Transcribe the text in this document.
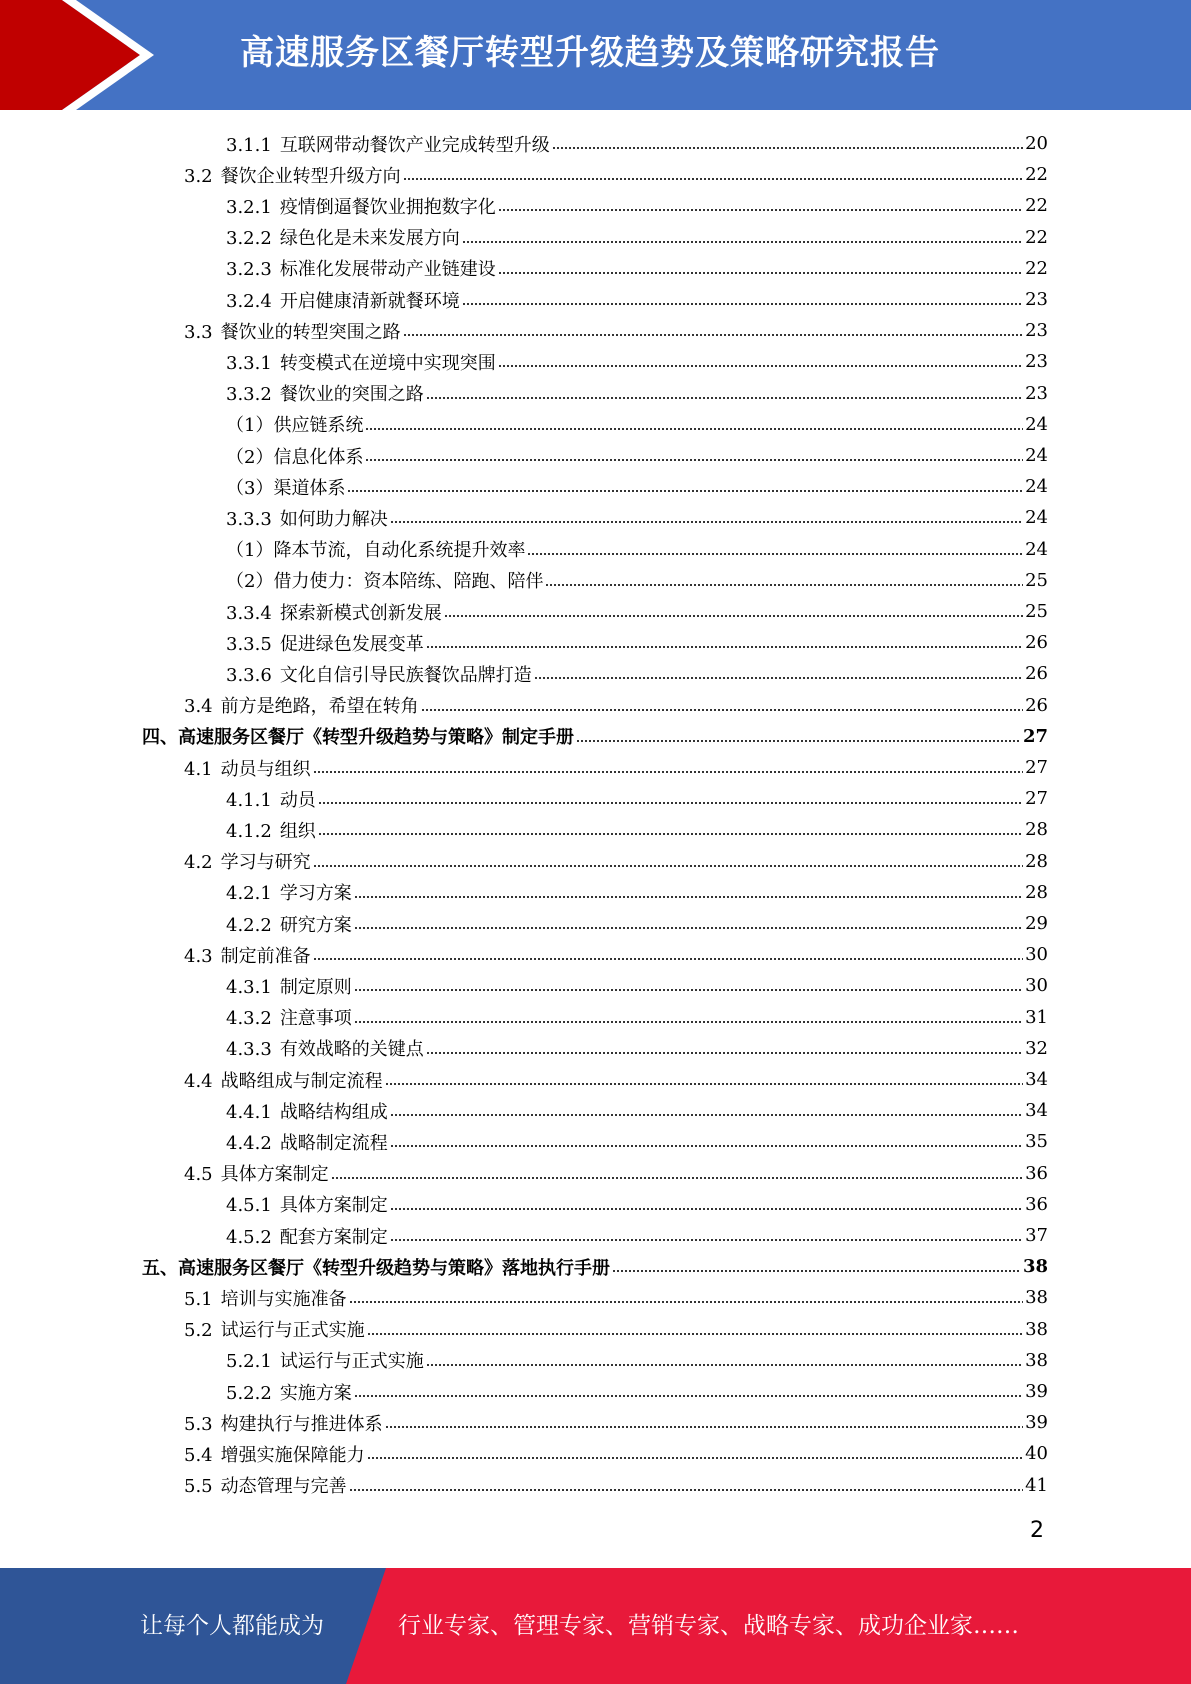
高速服务区餐厅转型升级趋势及策略研究报告
3.1.1 互联网带动餐饮产业完成转型升级	20
3.2 餐饮企业转型升级方向	22
3.2.1 疫情倒逼餐饮业拥抱数字化	22
3.2.2 绿色化是未来发展方向	22
3.2.3 标准化发展带动产业链建设	22
3.2.4 开启健康清新就餐环境	23
3.3 餐饮业的转型突围之路	23
3.3.1 转变模式在逆境中实现突围	23
3.3.2 餐饮业的突围之路	23
（1）供应链系统	24
（2）信息化体系	24
（3）渠道体系	24
3.3.3 如何助力解决	24
（1）降本节流，自动化系统提升效率	24
（2）借力使力：资本陪练、陪跑、陪伴	25
3.3.4 探索新模式创新发展	25
3.3.5 促进绿色发展变革	26
3.3.6 文化自信引导民族餐饮品牌打造	26
3.4 前方是绝路，希望在转角	26
四、高速服务区餐厅《转型升级趋势与策略》制定手册	27
4.1 动员与组织	27
4.1.1 动员	27
4.1.2 组织	28
4.2 学习与研究	28
4.2.1 学习方案	28
4.2.2 研究方案	29
4.3 制定前准备	30
4.3.1 制定原则	30
4.3.2 注意事项	31
4.3.3 有效战略的关键点	32
4.4 战略组成与制定流程	34
4.4.1 战略结构组成	34
4.4.2 战略制定流程	35
4.5 具体方案制定	36
4.5.1 具体方案制定	36
4.5.2 配套方案制定	37
五、高速服务区餐厅《转型升级趋势与策略》落地执行手册	38
5.1 培训与实施准备	38
5.2 试运行与正式实施	38
5.2.1 试运行与正式实施	38
5.2.2 实施方案	39
5.3 构建执行与推进体系	39
5.4 增强实施保障能力	40
5.5 动态管理与完善	41
2
让每个人都能成为	行业专家、管理专家、营销专家、战略专家、成功企业家……
